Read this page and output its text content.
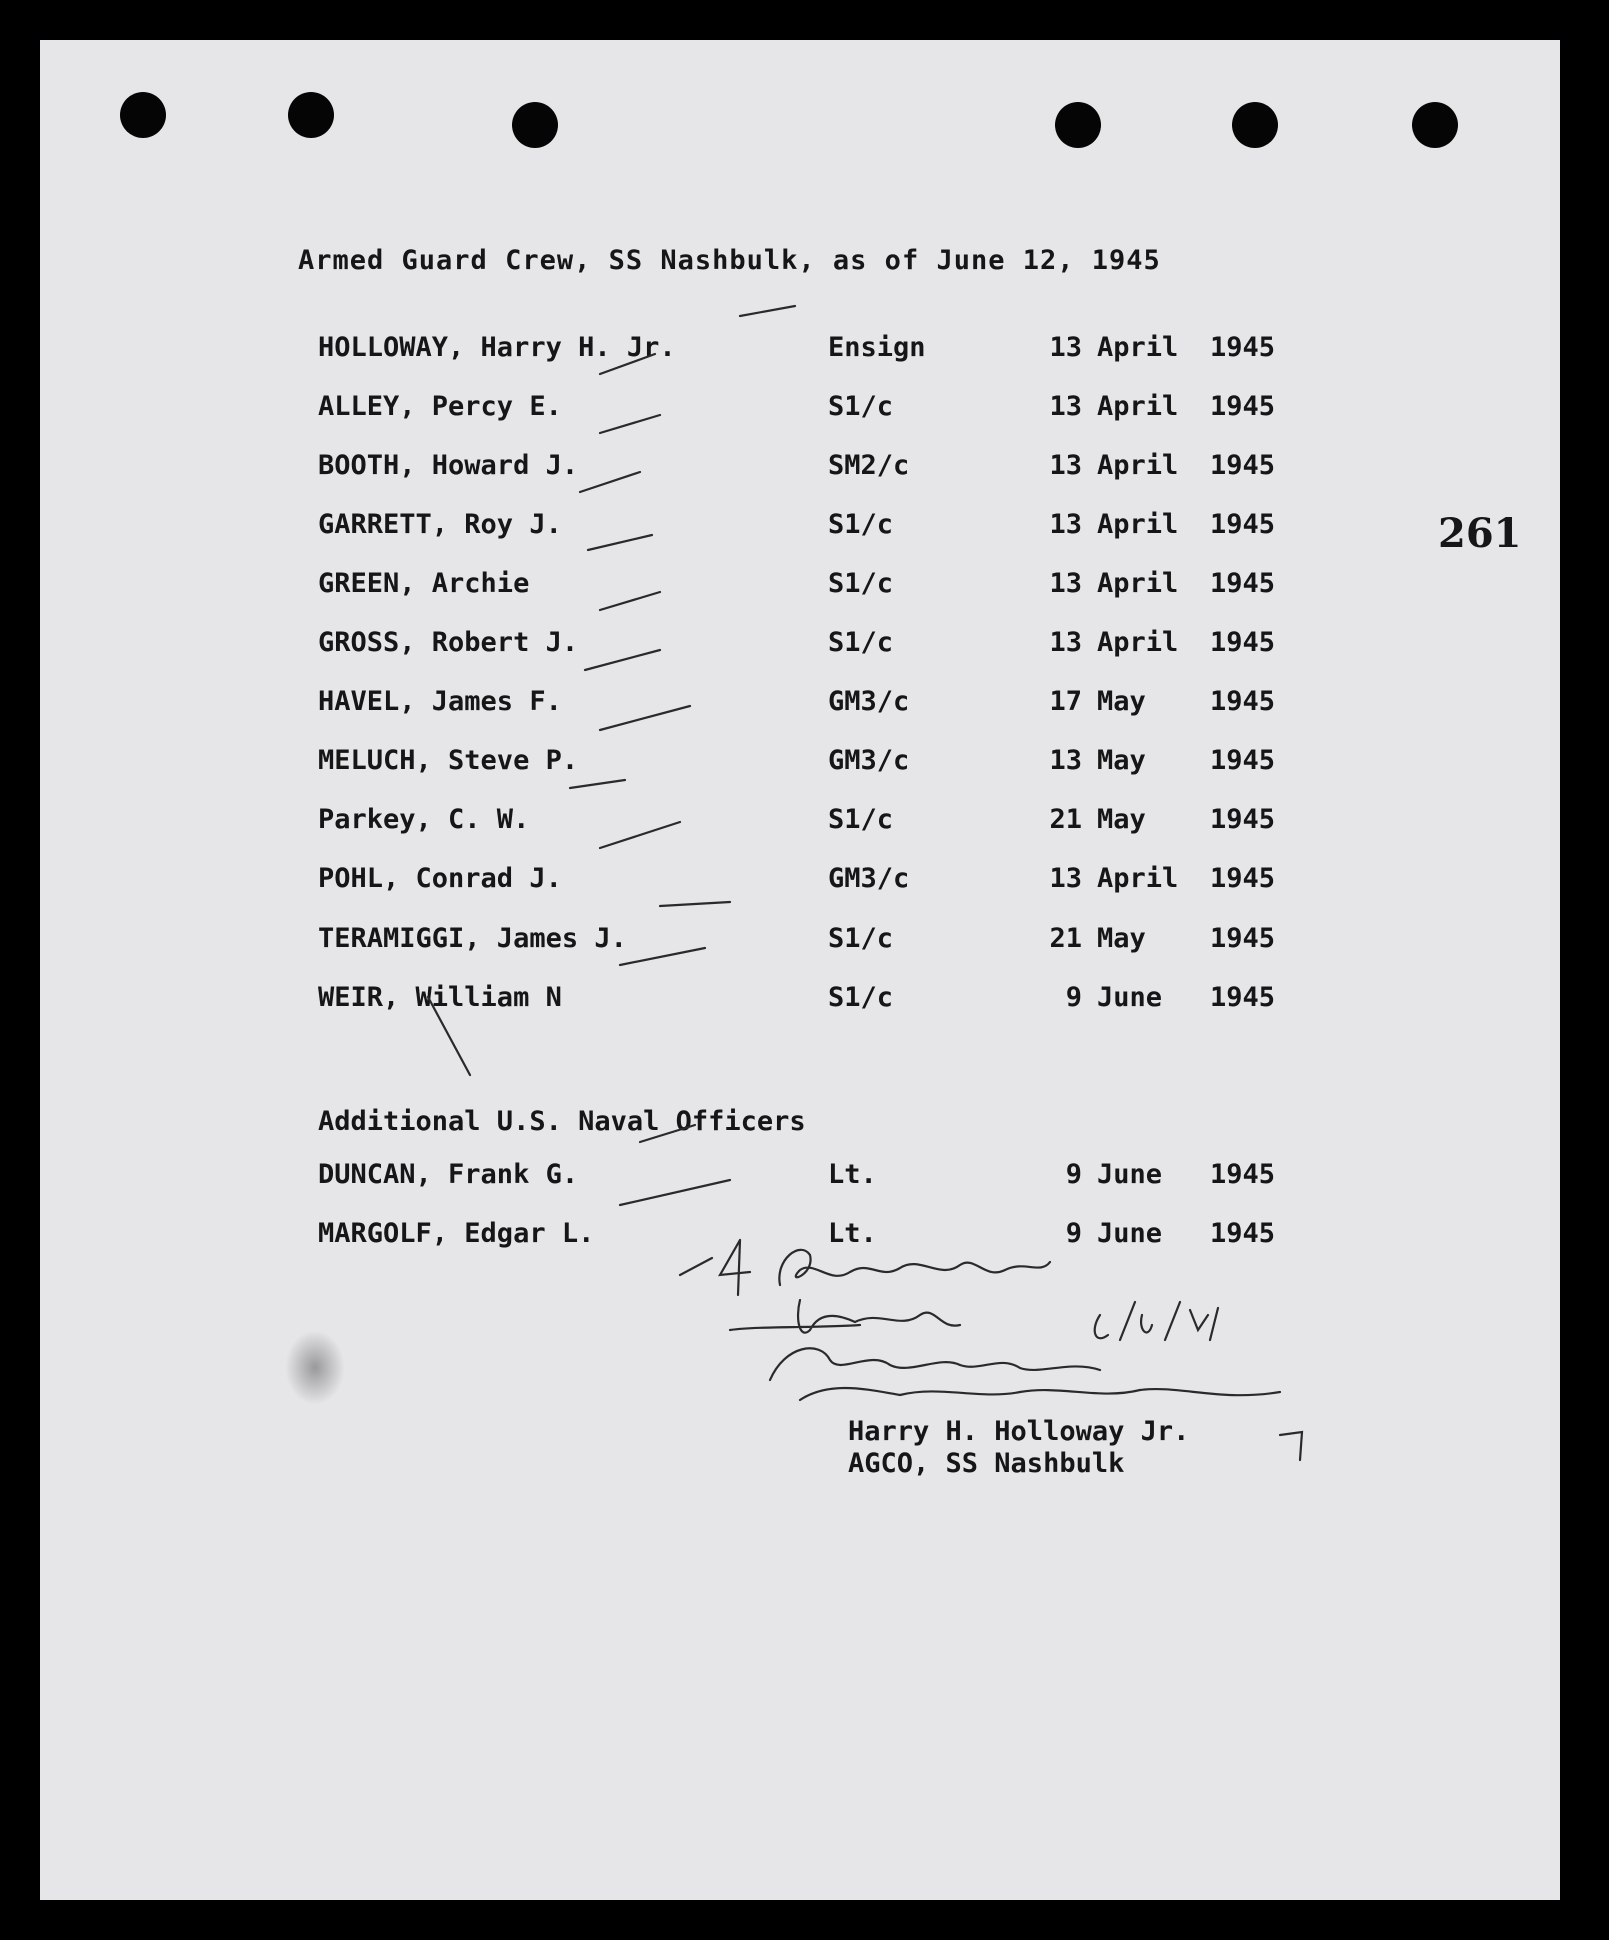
Armed Guard Crew, SS Nashbulk, as of June 12, 1945
261
HOLLOWAY, Harry H. Jr.	Ensign	13 April 1945
ALLEY, Percy E.	S1/c	13 April 1945
BOOTH, Howard J.	SM2/c	13 April 1945
GARRETT, Roy J.	S1/c	13 April 1945
GREEN, Archie	S1/c	13 April 1945
GROSS, Robert J.	S1/c	13 April 1945
HAVEL, James F.	GM3/c	17 May 1945
MELUCH, Steve P.	GM3/c	13 May 1945
Parkey, C. W.	S1/c	21 May 1945
POHL, Conrad J.	GM3/c	13 April 1945
TERAMIGGI, James J.	S1/c	21 May 1945
WEIR, William N	S1/c	9 June 1945
Additional U.S. Naval Officers
DUNCAN, Frank G.	Lt.	9 June 1945
MARGOLF, Edgar L.	Lt.	9 June 1945
Harry H. Holloway Jr.
AGCO, SS Nashbulk
